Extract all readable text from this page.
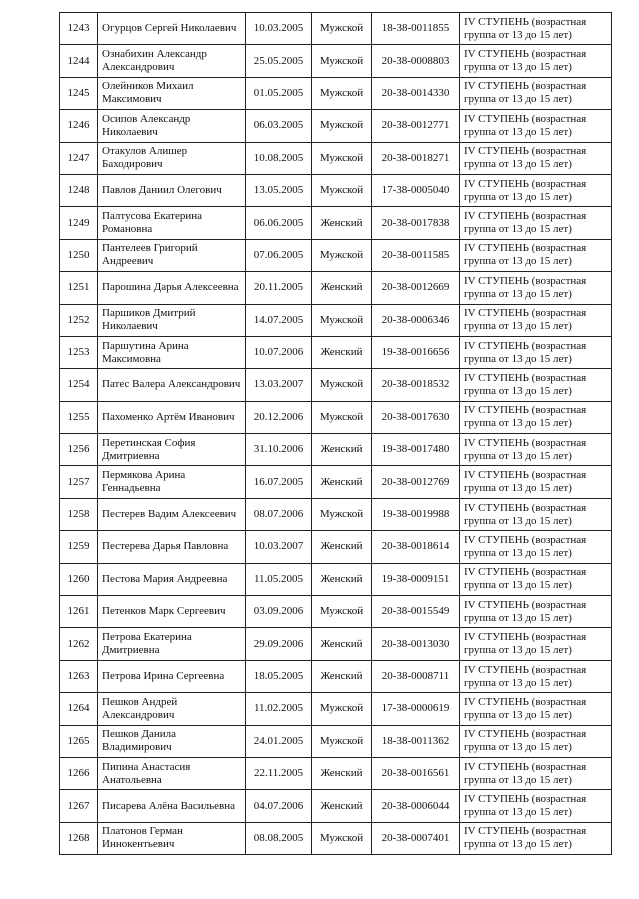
1243	Огурцов Сергей Николаевич	10.03.2005	Мужской	18-38-0011855	IV СТУПЕНЬ (возрастная группа от 13 до 15 лет)
1244	Ознабихин Александр Александрович	25.05.2005	Мужской	20-38-0008803	IV СТУПЕНЬ (возрастная группа от 13 до 15 лет)
1245	Олейников Михаил Максимович	01.05.2005	Мужской	20-38-0014330	IV СТУПЕНЬ (возрастная группа от 13 до 15 лет)
1246	Осипов Александр Николаевич	06.03.2005	Мужской	20-38-0012771	IV СТУПЕНЬ (возрастная группа от 13 до 15 лет)
1247	Отакулов Алишер Баходирович	10.08.2005	Мужской	20-38-0018271	IV СТУПЕНЬ (возрастная группа от 13 до 15 лет)
1248	Павлов Даниил Олегович	13.05.2005	Мужской	17-38-0005040	IV СТУПЕНЬ (возрастная группа от 13 до 15 лет)
1249	Палтусова Екатерина Романовна	06.06.2005	Женский	20-38-0017838	IV СТУПЕНЬ (возрастная группа от 13 до 15 лет)
1250	Пантелеев Григорий Андреевич	07.06.2005	Мужской	20-38-0011585	IV СТУПЕНЬ (возрастная группа от 13 до 15 лет)
1251	Парошина Дарья Алексеевна	20.11.2005	Женский	20-38-0012669	IV СТУПЕНЬ (возрастная группа от 13 до 15 лет)
1252	Паршиков Дмитрий Николаевич	14.07.2005	Мужской	20-38-0006346	IV СТУПЕНЬ (возрастная группа от 13 до 15 лет)
1253	Паршутина Арина Максимовна	10.07.2006	Женский	19-38-0016656	IV СТУПЕНЬ (возрастная группа от 13 до 15 лет)
1254	Патес Валера Александрович	13.03.2007	Мужской	20-38-0018532	IV СТУПЕНЬ (возрастная группа от 13 до 15 лет)
1255	Пахоменко Артём Иванович	20.12.2006	Мужской	20-38-0017630	IV СТУПЕНЬ (возрастная группа от 13 до 15 лет)
1256	Перетинская София Дмитриевна	31.10.2006	Женский	19-38-0017480	IV СТУПЕНЬ (возрастная группа от 13 до 15 лет)
1257	Пермякова Арина Геннадьевна	16.07.2005	Женский	20-38-0012769	IV СТУПЕНЬ (возрастная группа от 13 до 15 лет)
1258	Пестерев Вадим Алексеевич	08.07.2006	Мужской	19-38-0019988	IV СТУПЕНЬ (возрастная группа от 13 до 15 лет)
1259	Пестерева Дарья Павловна	10.03.2007	Женский	20-38-0018614	IV СТУПЕНЬ (возрастная группа от 13 до 15 лет)
1260	Пестова Мария Андреевна	11.05.2005	Женский	19-38-0009151	IV СТУПЕНЬ (возрастная группа от 13 до 15 лет)
1261	Петенков Марк Сергеевич	03.09.2006	Мужской	20-38-0015549	IV СТУПЕНЬ (возрастная группа от 13 до 15 лет)
1262	Петрова Екатерина Дмитриевна	29.09.2006	Женский	20-38-0013030	IV СТУПЕНЬ (возрастная группа от 13 до 15 лет)
1263	Петрова Ирина Сергеевна	18.05.2005	Женский	20-38-0008711	IV СТУПЕНЬ (возрастная группа от 13 до 15 лет)
1264	Пешков Андрей Александрович	11.02.2005	Мужской	17-38-0000619	IV СТУПЕНЬ (возрастная группа от 13 до 15 лет)
1265	Пешков Данила Владимирович	24.01.2005	Мужской	18-38-0011362	IV СТУПЕНЬ (возрастная группа от 13 до 15 лет)
1266	Пипина Анастасия Анатольевна	22.11.2005	Женский	20-38-0016561	IV СТУПЕНЬ (возрастная группа от 13 до 15 лет)
1267	Писарева Алёна Васильевна	04.07.2006	Женский	20-38-0006044	IV СТУПЕНЬ (возрастная группа от 13 до 15 лет)
1268	Платонов Герман Иннокентьевич	08.08.2005	Мужской	20-38-0007401	IV СТУПЕНЬ (возрастная группа от 13 до 15 лет)
